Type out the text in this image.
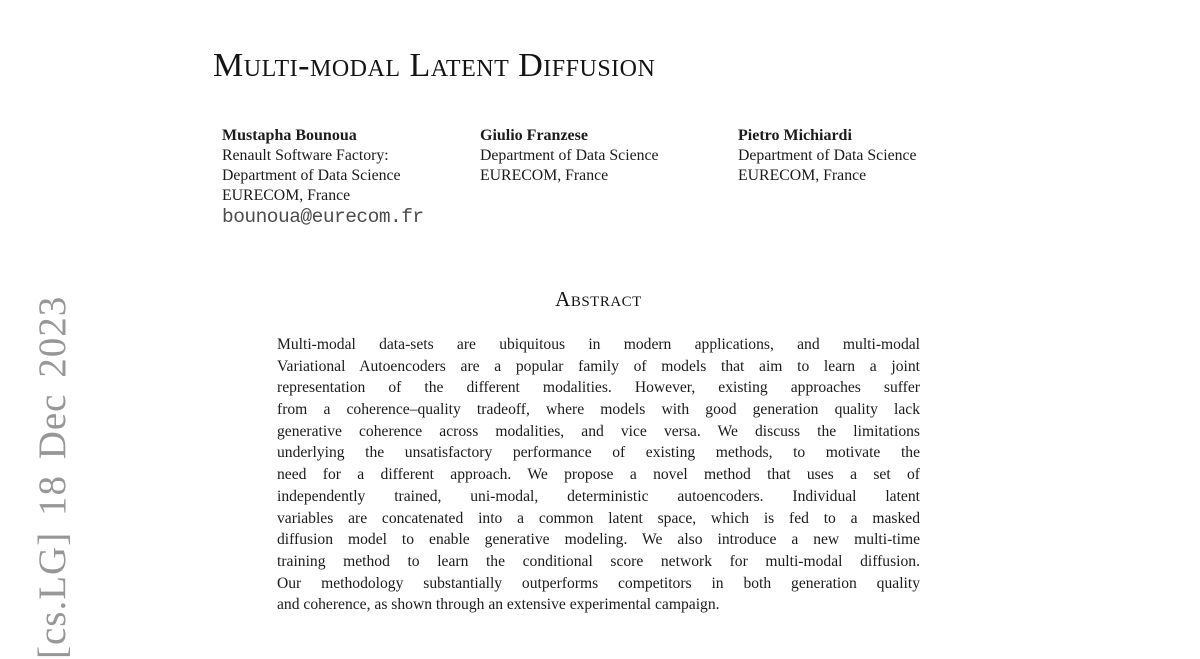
[cs.LG] 18 Dec 2023
Multi-modal Latent Diffusion
Mustapha Bounoua
Renault Software Factory:
Department of Data Science
EURECOM, France
bounoua@eurecom.fr
Giulio Franzese
Department of Data Science
EURECOM, France
Pietro Michiardi
Department of Data Science
EURECOM, France
Abstract
Multi-modal data-sets are ubiquitous in modern applications, and multi-modal
Variational Autoencoders are a popular family of models that aim to learn a joint
representation of the different modalities. However, existing approaches suffer
from a coherence–quality tradeoff, where models with good generation quality lack
generative coherence across modalities, and vice versa. We discuss the limitations
underlying the unsatisfactory performance of existing methods, to motivate the
need for a different approach. We propose a novel method that uses a set of
independently trained, uni-modal, deterministic autoencoders. Individual latent
variables are concatenated into a common latent space, which is fed to a masked
diffusion model to enable generative modeling. We also introduce a new multi-time
training method to learn the conditional score network for multi-modal diffusion.
Our methodology substantially outperforms competitors in both generation quality
and coherence, as shown through an extensive experimental campaign.
